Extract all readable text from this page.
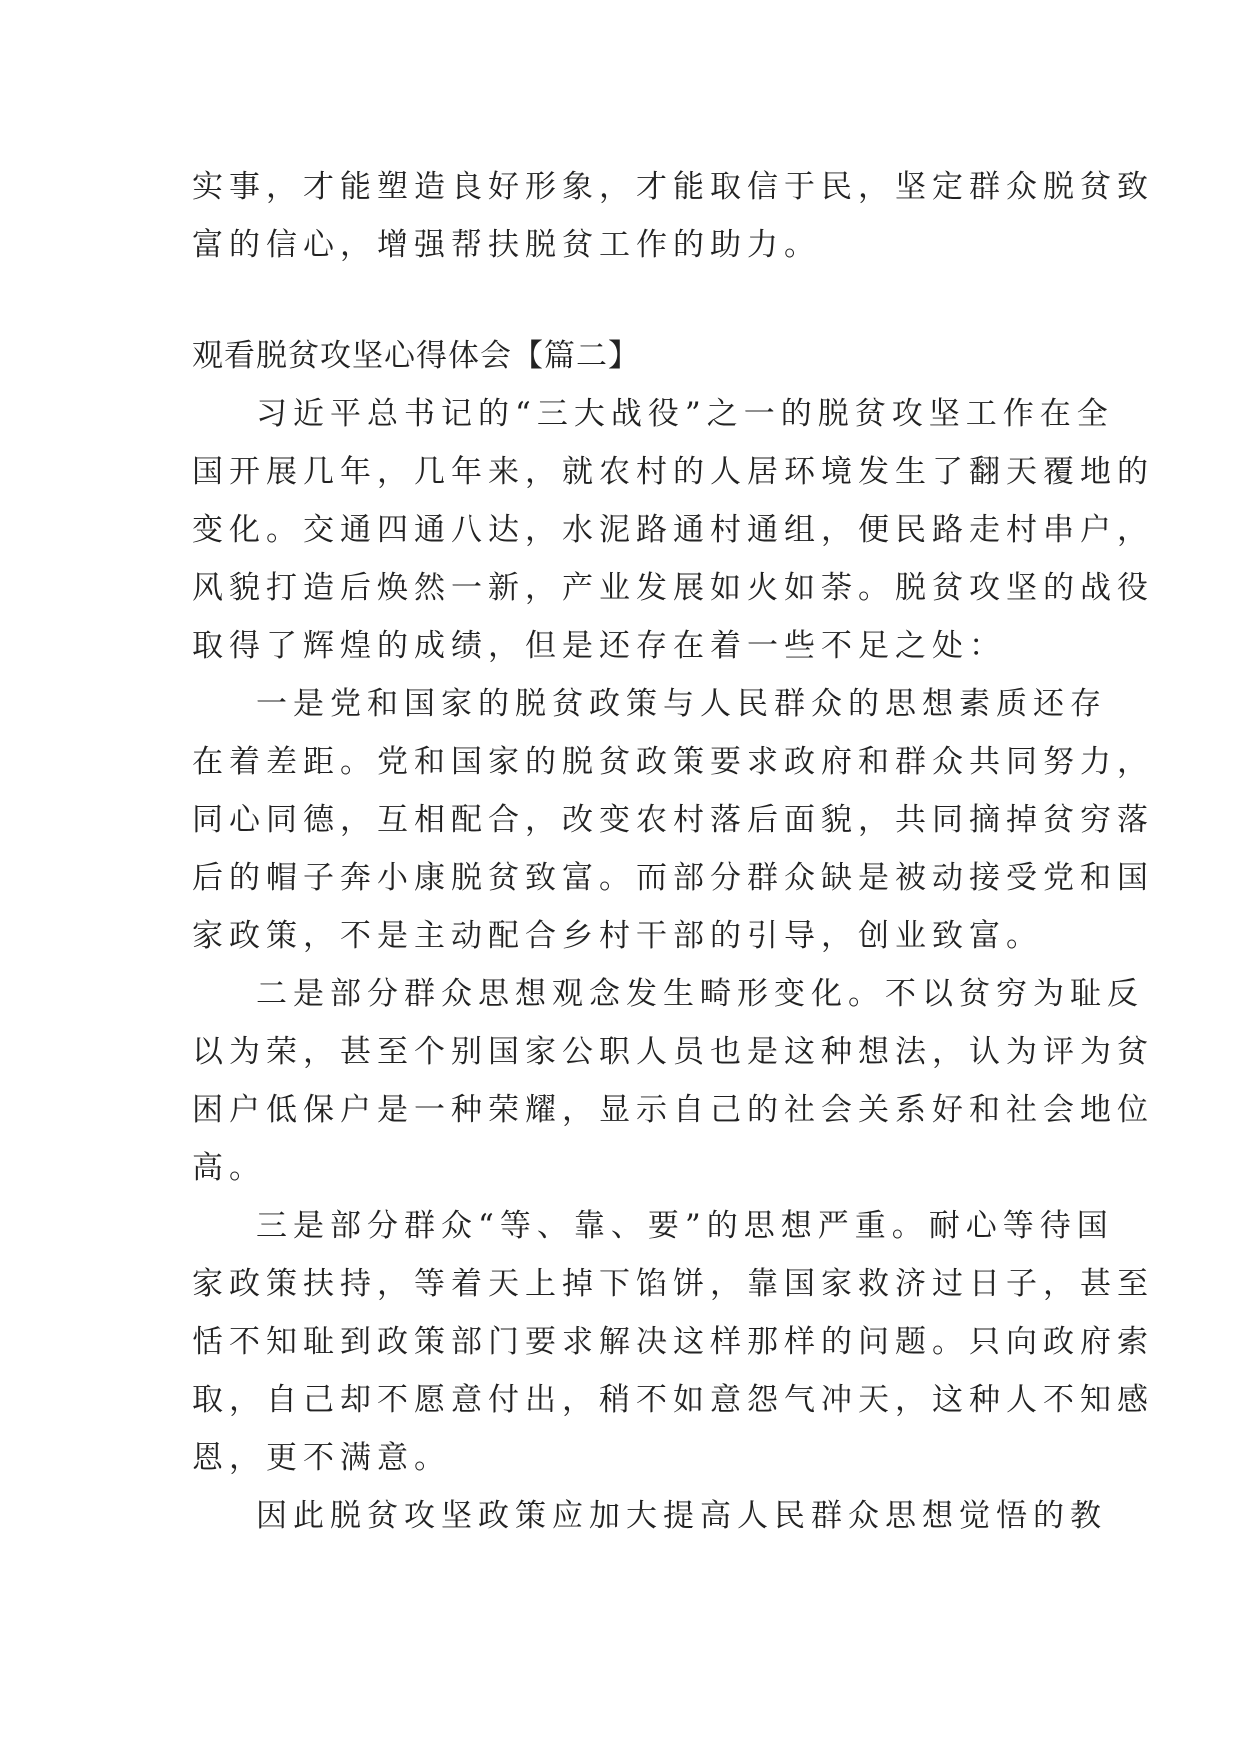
实事，才能塑造良好形象，才能取信于民，坚定群众脱贫致
富的信心，增强帮扶脱贫工作的助力。
观看脱贫攻坚心得体会【篇二】
习近平总书记的“三大战役”之一的脱贫攻坚工作在全
国开展几年，几年来，就农村的人居环境发生了翻天覆地的
变化。交通四通八达，水泥路通村通组，便民路走村串户，
风貌打造后焕然一新，产业发展如火如荼。脱贫攻坚的战役
取得了辉煌的成绩，但是还存在着一些不足之处：
一是党和国家的脱贫政策与人民群众的思想素质还存
在着差距。党和国家的脱贫政策要求政府和群众共同努力，
同心同德，互相配合，改变农村落后面貌，共同摘掉贫穷落
后的帽子奔小康脱贫致富。而部分群众缺是被动接受党和国
家政策，不是主动配合乡村干部的引导，创业致富。
二是部分群众思想观念发生畸形变化。不以贫穷为耻反
以为荣，甚至个别国家公职人员也是这种想法，认为评为贫
困户低保户是一种荣耀，显示自己的社会关系好和社会地位
高。
三是部分群众“等、靠、要”的思想严重。耐心等待国
家政策扶持，等着天上掉下馅饼，靠国家救济过日子，甚至
恬不知耻到政策部门要求解决这样那样的问题。只向政府索
取，自己却不愿意付出，稍不如意怨气冲天，这种人不知感
恩，更不满意。
因此脱贫攻坚政策应加大提高人民群众思想觉悟的教
